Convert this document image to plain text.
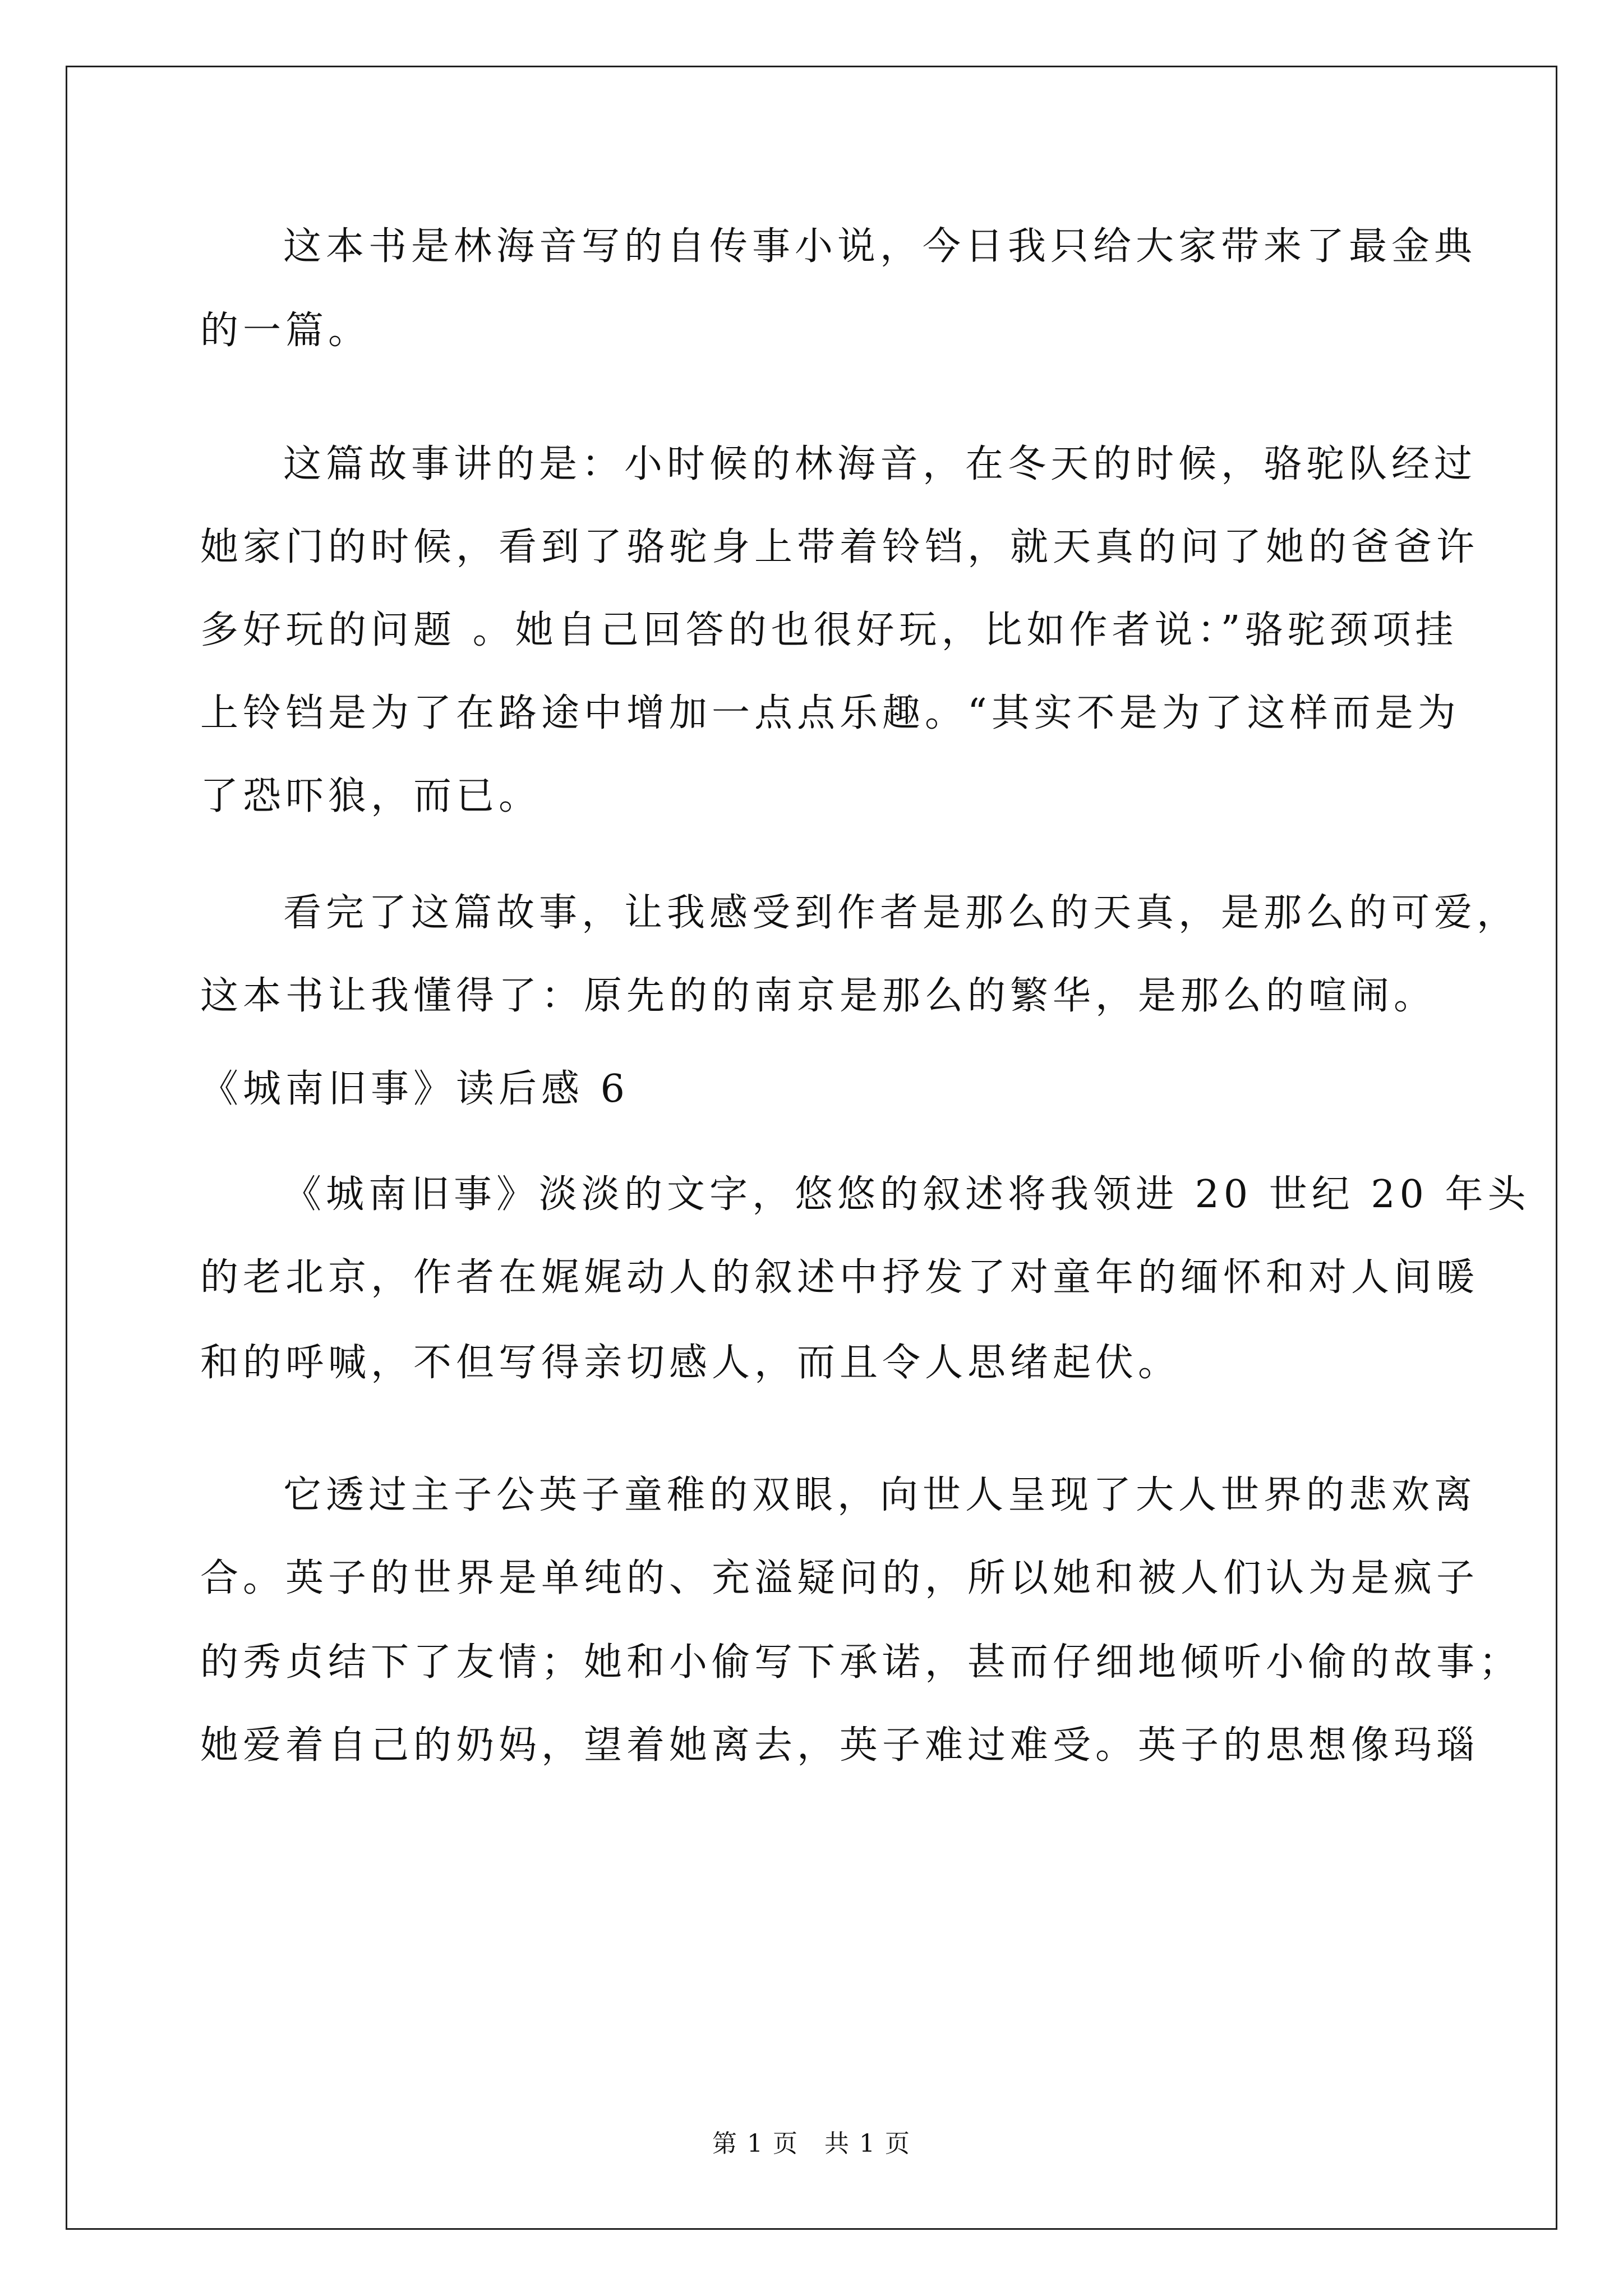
这本书是林海音写的自传事小说，今日我只给大家带来了最金典
的一篇。
这篇故事讲的是：小时候的林海音，在冬天的时候，骆驼队经过
她家门的时候，看到了骆驼身上带着铃铛，就天真的问了她的爸爸许
多好玩的问题 。她自己回答的也很好玩，比如作者说：”骆驼颈项挂
上铃铛是为了在路途中增加一点点乐趣。“其实不是为了这样而是为
了恐吓狼，而已。
看完了这篇故事，让我感受到作者是那么的天真，是那么的可爱，
这本书让我懂得了：原先的的南京是那么的繁华，是那么的喧闹。
《城南旧事》读后感 6
《城南旧事》淡淡的文字，悠悠的叙述将我领进 20 世纪 20 年头
的老北京，作者在娓娓动人的叙述中抒发了对童年的缅怀和对人间暖
和的呼喊，不但写得亲切感人，而且令人思绪起伏。
它透过主子公英子童稚的双眼，向世人呈现了大人世界的悲欢离
合。英子的世界是单纯的、充溢疑问的，所以她和被人们认为是疯子
的秀贞结下了友情；她和小偷写下承诺，甚而仔细地倾听小偷的故事；
她爱着自己的奶妈，望着她离去，英子难过难受。英子的思想像玛瑙
第 1 页　共 1 页
